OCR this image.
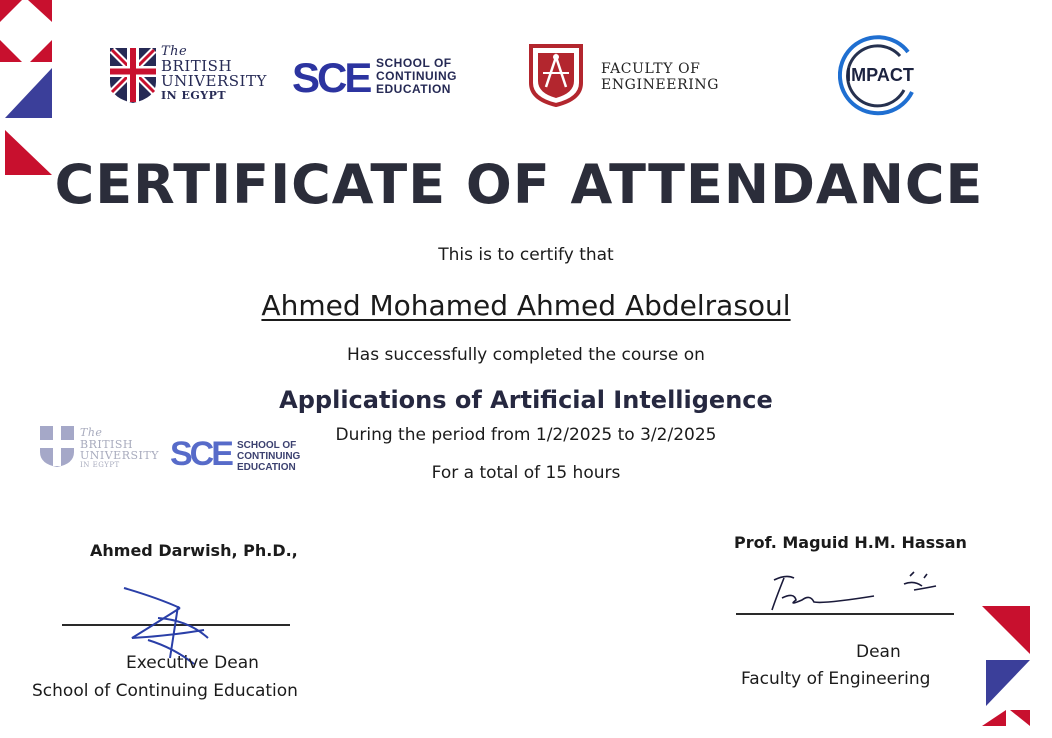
The
BRITISH
UNIVERSITY
IN EGYPT	SCE SCHOOL OF
CONTINUING
EDUCATION
FACULTY OF
ENGINEERING
IMPACT
CERTIFICATE OF ATTENDANCE
This is to certify that
Ahmed Mohamed Ahmed Abdelrasoul
Has successfully completed the course on
Applications of Artificial Intelligence
During the period from 1/2/2025 to 3/2/2025
For a total of 15 hours
The
BRITISH
UNIVERSITY
IN EGYPT	SCE SCHOOL OF
CONTINUING
EDUCATION
Ahmed Darwish, Ph.D.,
Executive Dean
School of Continuing Education
Prof. Maguid H.M. Hassan
Dean
Faculty of Engineering
